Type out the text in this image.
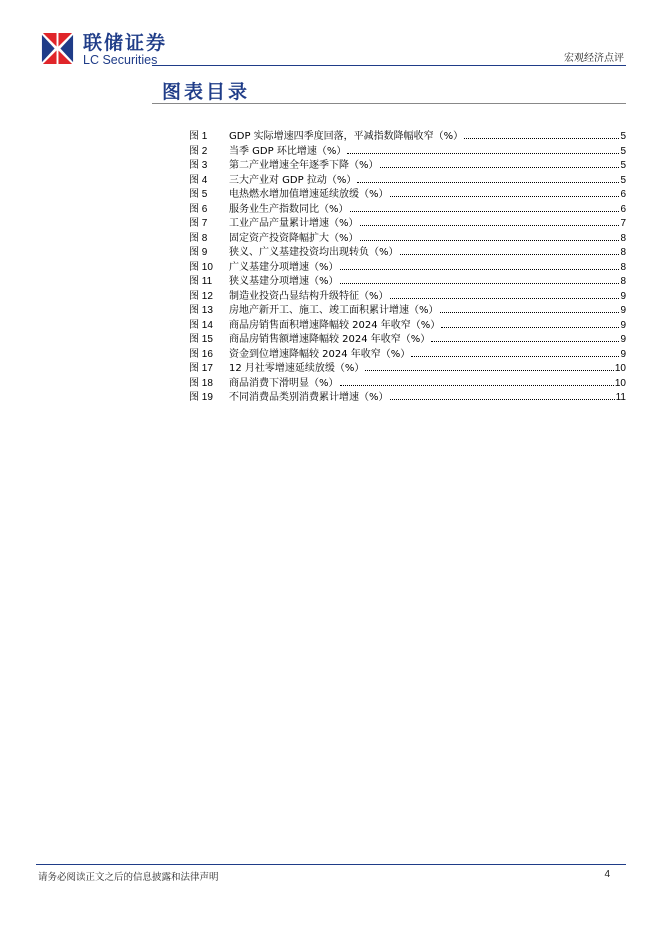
联储证券
LC Securities	宏观经济点评
图表目录
图 1	GDP 实际增速四季度回落，平减指数降幅收窄（%）	5
图 2	当季 GDP 环比增速（%）	5
图 3	第二产业增速全年逐季下降（%）	5
图 4	三大产业对 GDP 拉动（%）	5
图 5	电热燃水增加值增速延续放缓（%）	6
图 6	服务业生产指数同比（%）	6
图 7	工业产品产量累计增速（%）	7
图 8	固定资产投资降幅扩大（%）	8
图 9	狭义、广义基建投资均出现转负（%）	8
图 10	广义基建分项增速（%）	8
图 11	狭义基建分项增速（%）	8
图 12	制造业投资凸显结构升级特征（%）	9
图 13	房地产新开工、施工、竣工面积累计增速（%）	9
图 14	商品房销售面积增速降幅较 2024 年收窄（%）	9
图 15	商品房销售额增速降幅较 2024 年收窄（%）	9
图 16	资金到位增速降幅较 2024 年收窄（%）	9
图 17	12 月社零增速延续放缓（%）	10
图 18	商品消费下滑明显（%）	10
图 19	不同消费品类别消费累计增速（%）	11
请务必阅读正文之后的信息披露和法律声明	4
